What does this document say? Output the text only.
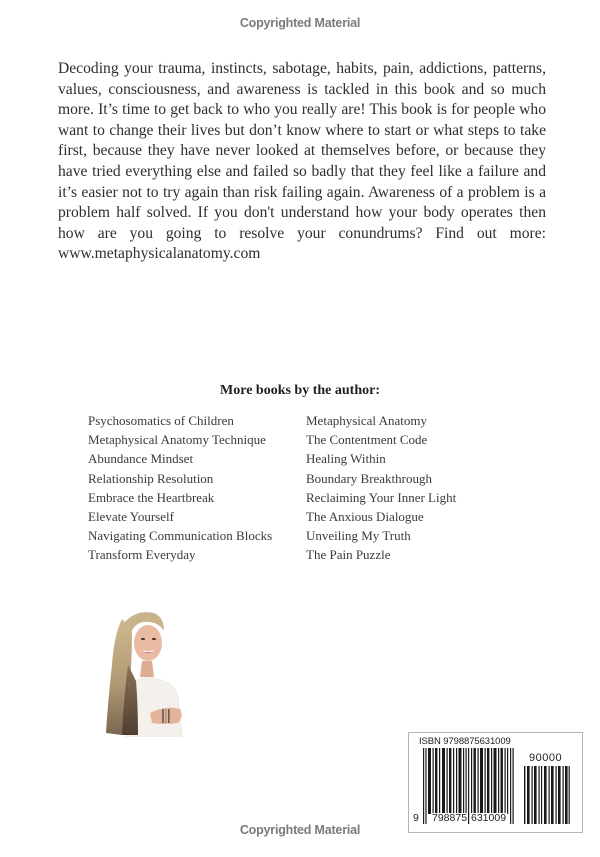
Copyrighted Material

Decoding your trauma, instincts, sabotage, habits, pain, addictions, patterns, values, consciousness, and awareness is tackled in this book and so much more. It’s time to get back to who you really are! This book is for people who want to change their lives but don’t know where to start or what steps to take first, because they have never looked at themselves before, or because they have tried everything else and failed so badly that they feel like a failure and it’s easier not to try again than risk failing again. Awareness of a problem is a problem half solved. If you don't understand how your body operates then how are you going to resolve your conundrums? Find out more: www.metaphysicalanatomy.com

More books by the author:
Psychosomatics of Children
Metaphysical Anatomy Technique
Abundance Mindset
Relationship Resolution
Embrace the Heartbreak
Elevate Yourself
Navigating Communication Blocks
Transform Everyday
Metaphysical Anatomy
The Contentment Code
Healing Within
Boundary Breakthrough
Reclaiming Your Inner Light
The Anxious Dialogue
Unveiling My Truth
The Pain Puzzle
ISBN 9798875631009
90000
9 798875 631009
Copyrighted Material
